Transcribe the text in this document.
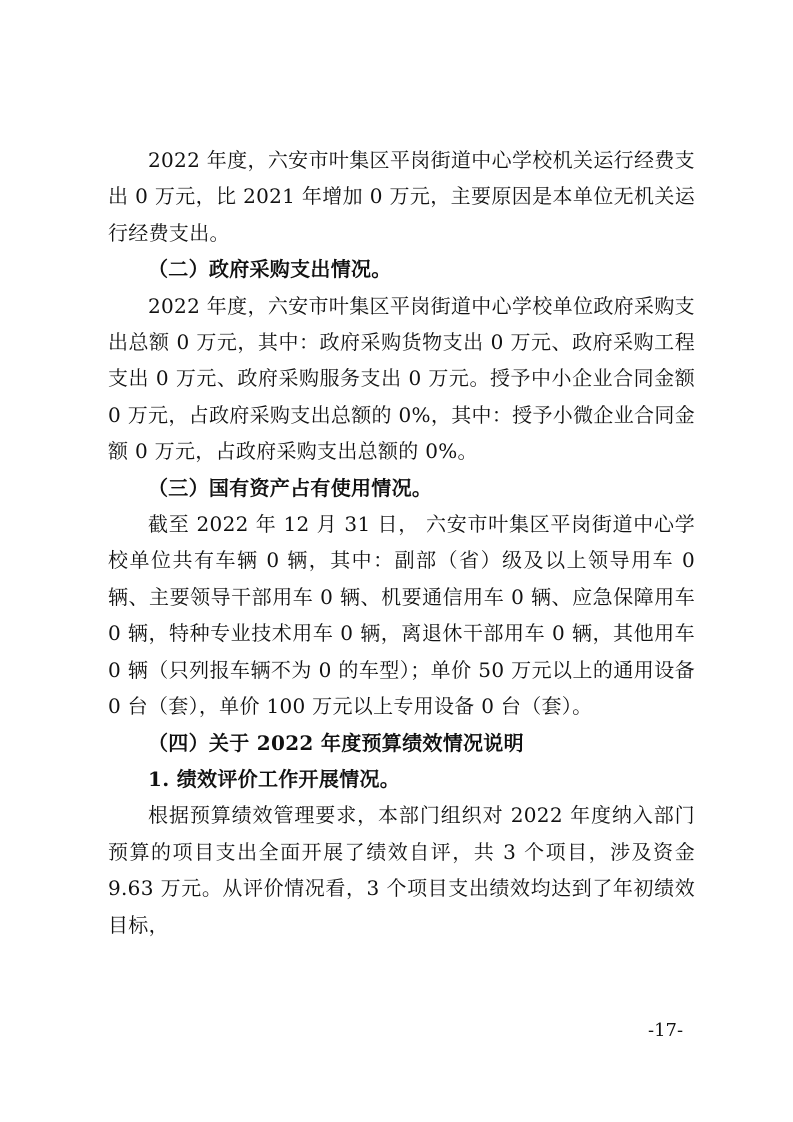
2022 年度，六安市叶集区平岗街道中心学校机关运行经费支出 0 万元，比 2021 年增加 0 万元，主要原因是本单位无机关运行经费支出。

（二）政府采购支出情况。

2022 年度，六安市叶集区平岗街道中心学校单位政府采购支出总额 0 万元，其中：政府采购货物支出 0 万元、政府采购工程支出 0 万元、政府采购服务支出 0 万元。授予中小企业合同金额 0 万元，占政府采购支出总额的 0%，其中：授予小微企业合同金额 0 万元，占政府采购支出总额的 0%。

（三）国有资产占有使用情况。

截至 2022 年 12 月 31 日， 六安市叶集区平岗街道中心学校单位共有车辆 0 辆，其中：副部（省）级及以上领导用车 0 辆、主要领导干部用车 0 辆、机要通信用车 0 辆、应急保障用车 0 辆，特种专业技术用车 0 辆，离退休干部用车 0 辆，其他用车 0 辆（只列报车辆不为 0 的车型）；单价 50 万元以上的通用设备 0 台（套），单价 100 万元以上专用设备 0 台（套）。

（四）关于 2022 年度预算绩效情况说明

1. 绩效评价工作开展情况。

根据预算绩效管理要求，本部门组织对 2022 年度纳入部门预算的项目支出全面开展了绩效自评，共 3 个项目，涉及资金 9.63 万元。从评价情况看，3 个项目支出绩效均达到了年初绩效目标，

-17-
